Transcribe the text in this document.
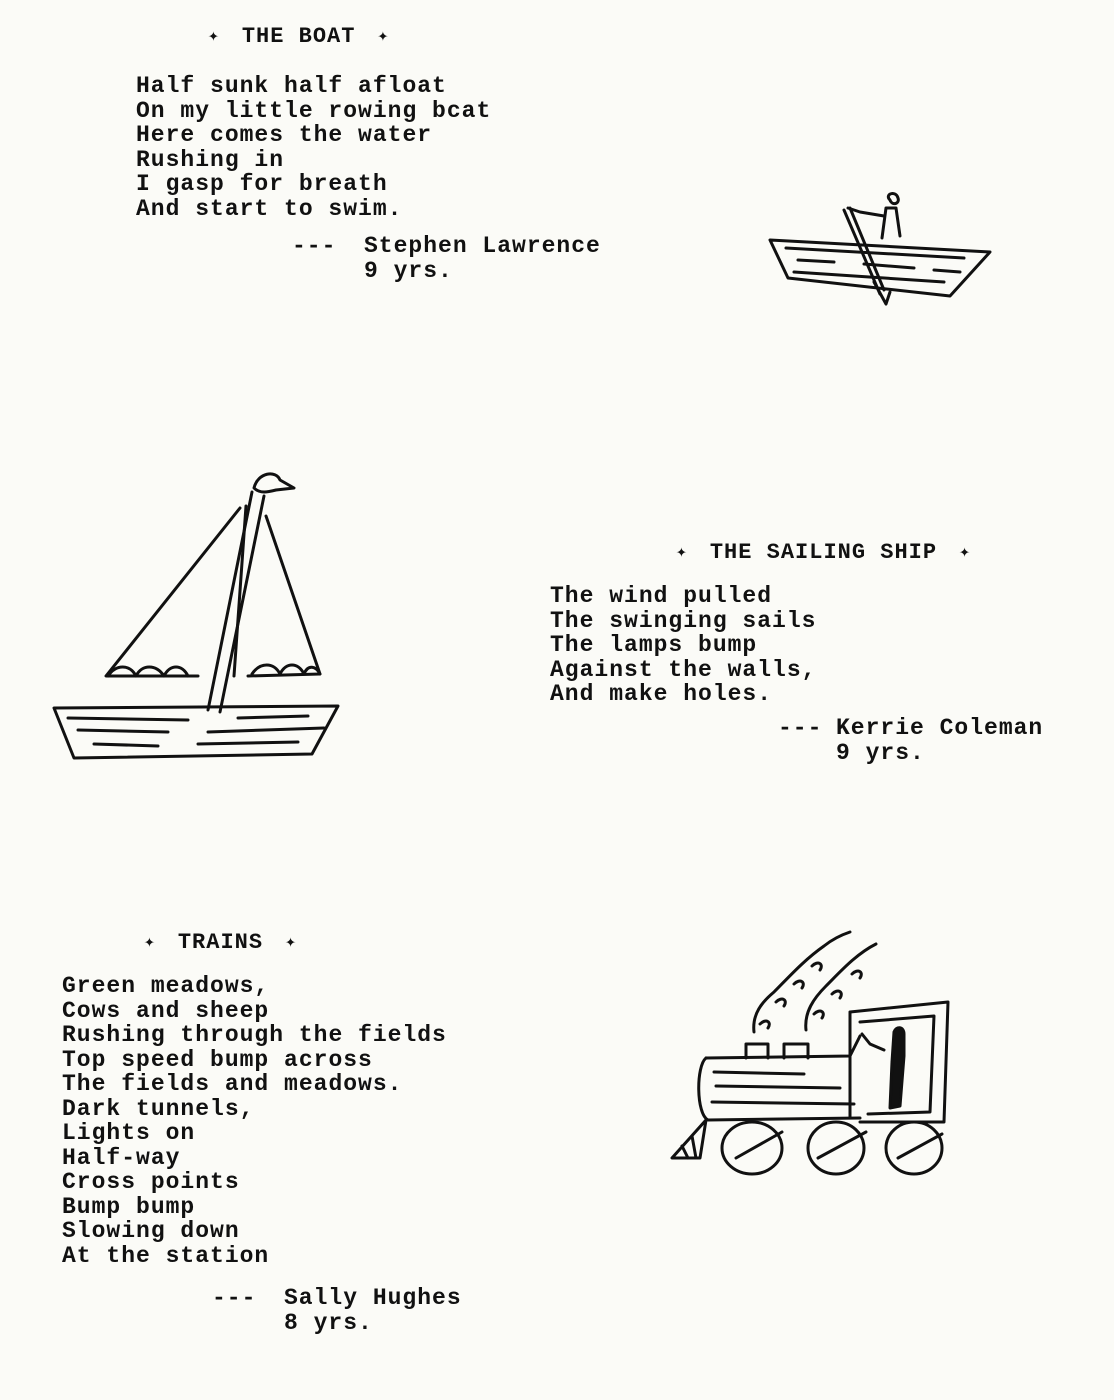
✦ THE BOAT ✦
Half sunk half afloat
On my little rowing bcat
Here comes the water
Rushing in
I gasp for breath
And start to swim.
--- Stephen Lawrence
9 yrs.
✦ THE SAILING SHIP ✦
The wind pulled
The swinging sails
The lamps bump
Against the walls,
And make holes.
--- Kerrie Coleman
9 yrs.
✦ TRAINS ✦
Green meadows,
Cows and sheep
Rushing through the fields
Top speed bump across
The fields and meadows.
Dark tunnels,
Lights on
Half-way
Cross points
Bump bump
Slowing down
At the station
--- Sally Hughes
8 yrs.
